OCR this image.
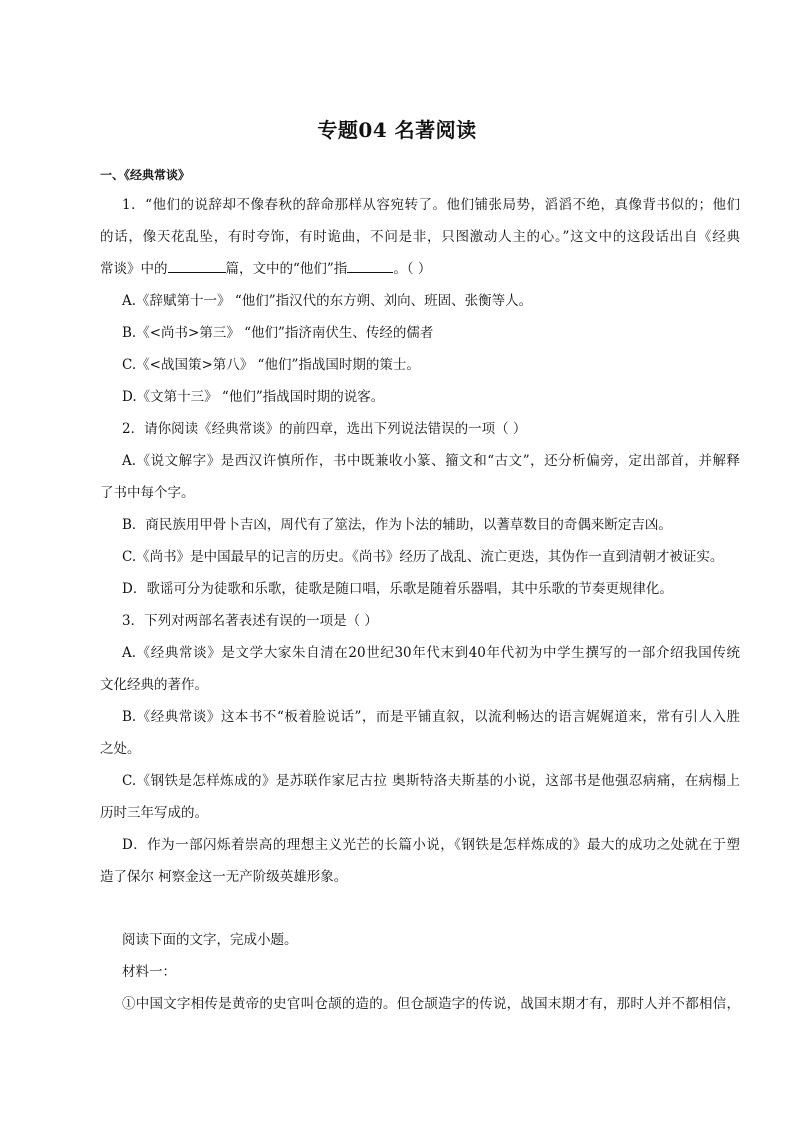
专题04 名著阅读
一、《经典常谈》
1．“他们的说辞却不像春秋的辞命那样从容宛转了。他们铺张局势，滔滔不绝，真像背书似的；他们
的话，像天花乱坠，有时夸饰，有时诡曲，不问是非，只图激动人主的心。”这文中的这段话出自《经典
常谈》中的	篇，文中的“他们”指	。（ ）
A.《辞赋第十一》 “他们”指汉代的东方朔、刘向、班固、张衡等人。
B.《<尚书>第三》 “他们”指济南伏生、传经的儒者
C.《<战国策>第八》 “他们”指战国时期的策士。
D.《文第十三》 “他们”指战国时期的说客。
2．请你阅读《经典常谈》的前四章，选出下列说法错误的一项（ ）
A.《说文解字》是西汉许慎所作，书中既兼收小篆、籀文和“古文”，还分析偏旁，定出部首，并解释
了书中每个字。
B．商民族用甲骨卜吉凶，周代有了筮法，作为卜法的辅助，以蓍草数目的奇偶来断定吉凶。
C.《尚书》是中国最早的记言的历史。《尚书》经历了战乱、流亡更迭，其伪作一直到清朝才被证实。
D．歌谣可分为徒歌和乐歌，徒歌是随口唱，乐歌是随着乐器唱，其中乐歌的节奏更规律化。
3．下列对两部名著表述有误的一项是（ ）
A.《经典常谈》是文学大家朱自清在20世纪30年代末到40年代初为中学生撰写的一部介绍我国传统
文化经典的著作。
B.《经典常谈》这本书不“板着脸说话”，而是平铺直叙，以流利畅达的语言娓娓道来，常有引人入胜
之处。
C.《钢铁是怎样炼成的》是苏联作家尼古拉 奥斯特洛夫斯基的小说，这部书是他强忍病痛，在病榻上
历时三年写成的。
D．作为一部闪烁着崇高的理想主义光芒的长篇小说，《钢铁是怎样炼成的》最大的成功之处就在于塑
造了保尔 柯察金这一无产阶级英雄形象。
阅读下面的文字，完成小题。
材料一：
①中国文字相传是黄帝的史官叫仓颉的造的。但仓颉造字的传说，战国末期才有，那时人并不都相信，
